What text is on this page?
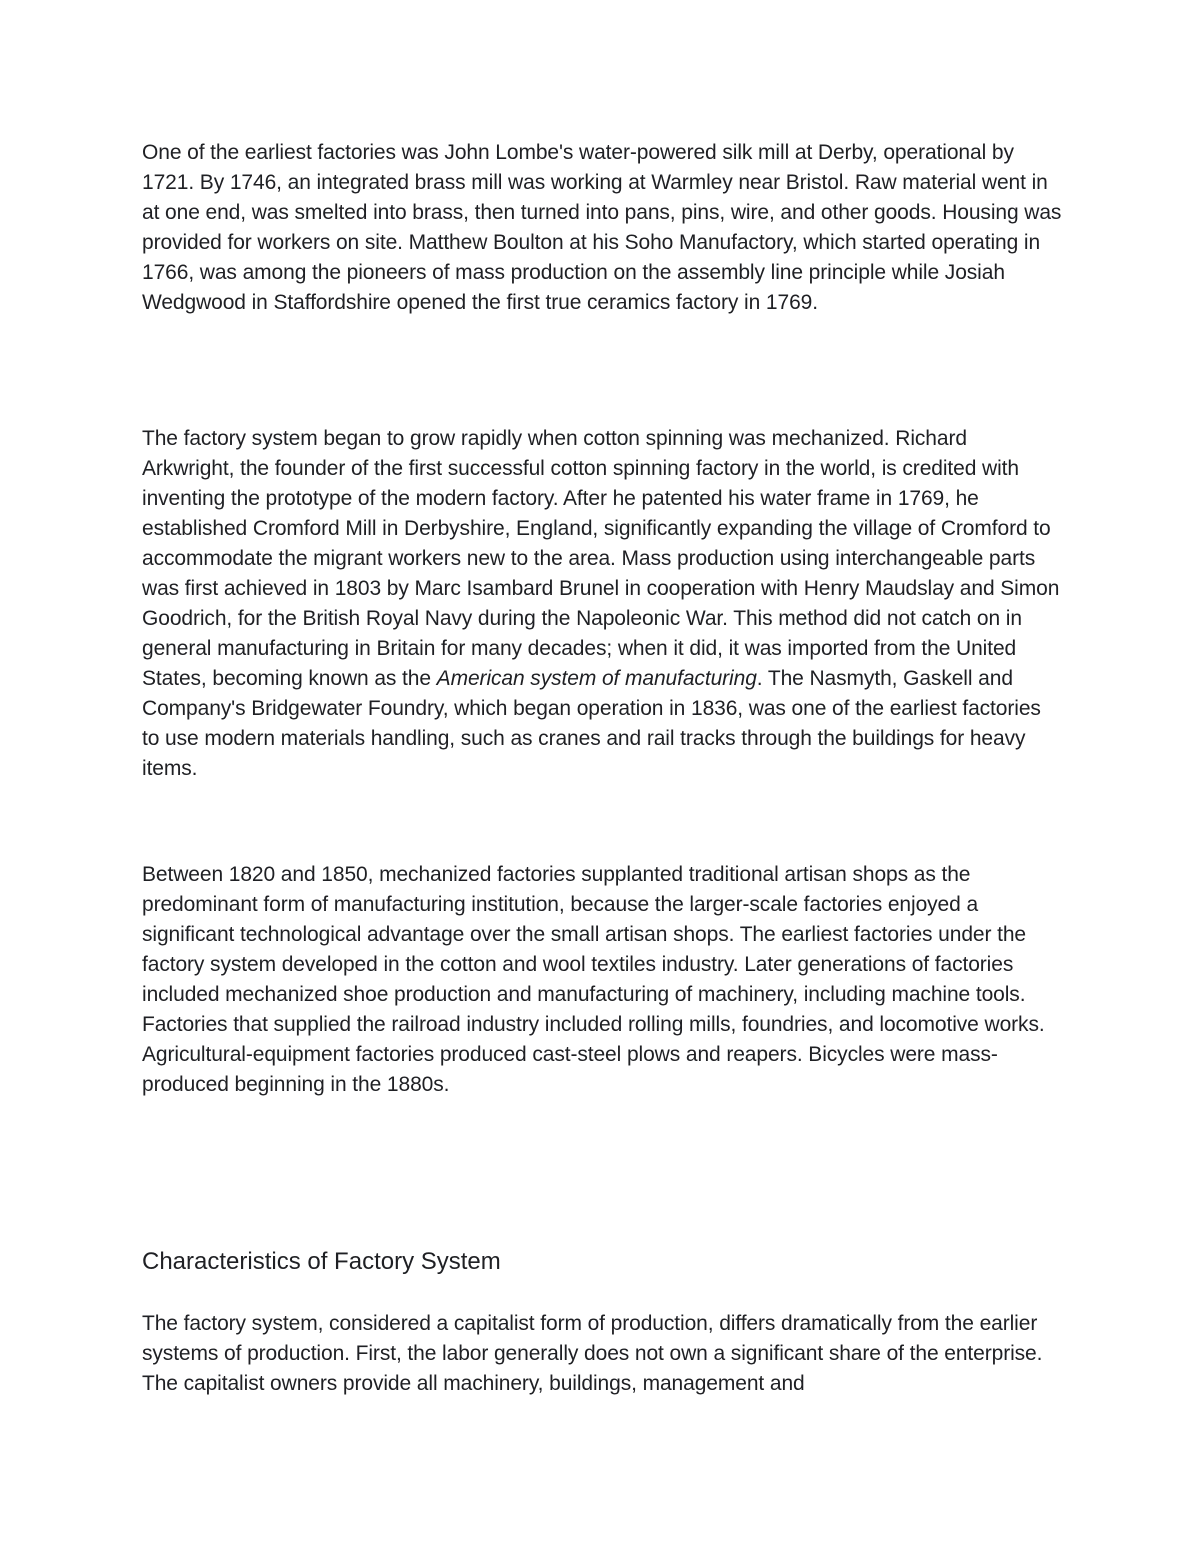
One of the earliest factories was John Lombe's water-powered silk mill at Derby, operational by 1721. By 1746, an integrated brass mill was working at Warmley near Bristol. Raw material went in at one end, was smelted into brass, then turned into pans, pins, wire, and other goods. Housing was provided for workers on site. Matthew Boulton at his Soho Manufactory, which started operating in 1766, was among the pioneers of mass production on the assembly line principle while Josiah Wedgwood in Staffordshire opened the first true ceramics factory in 1769.

The factory system began to grow rapidly when cotton spinning was mechanized. Richard Arkwright, the founder of the first successful cotton spinning factory in the world, is credited with inventing the prototype of the modern factory. After he patented his water frame in 1769, he established Cromford Mill in Derbyshire, England, significantly expanding the village of Cromford to accommodate the migrant workers new to the area. Mass production using interchangeable parts was first achieved in 1803 by Marc Isambard Brunel in cooperation with Henry Maudslay and Simon Goodrich, for the British Royal Navy during the Napoleonic War. This method did not catch on in general manufacturing in Britain for many decades; when it did, it was imported from the United States, becoming known as the American system of manufacturing. The Nasmyth, Gaskell and Company's Bridgewater Foundry, which began operation in 1836, was one of the earliest factories to use modern materials handling, such as cranes and rail tracks through the buildings for heavy items.

Between 1820 and 1850, mechanized factories supplanted traditional artisan shops as the predominant form of manufacturing institution, because the larger-scale factories enjoyed a significant technological advantage over the small artisan shops. The earliest factories under the factory system developed in the cotton and wool textiles industry. Later generations of factories included mechanized shoe production and manufacturing of machinery, including machine tools. Factories that supplied the railroad industry included rolling mills, foundries, and locomotive works. Agricultural-equipment factories produced cast-steel plows and reapers. Bicycles were mass-produced beginning in the 1880s.

Characteristics of Factory System

The factory system, considered a capitalist form of production, differs dramatically from the earlier systems of production. First, the labor generally does not own a significant share of the enterprise. The capitalist owners provide all machinery, buildings, management and
